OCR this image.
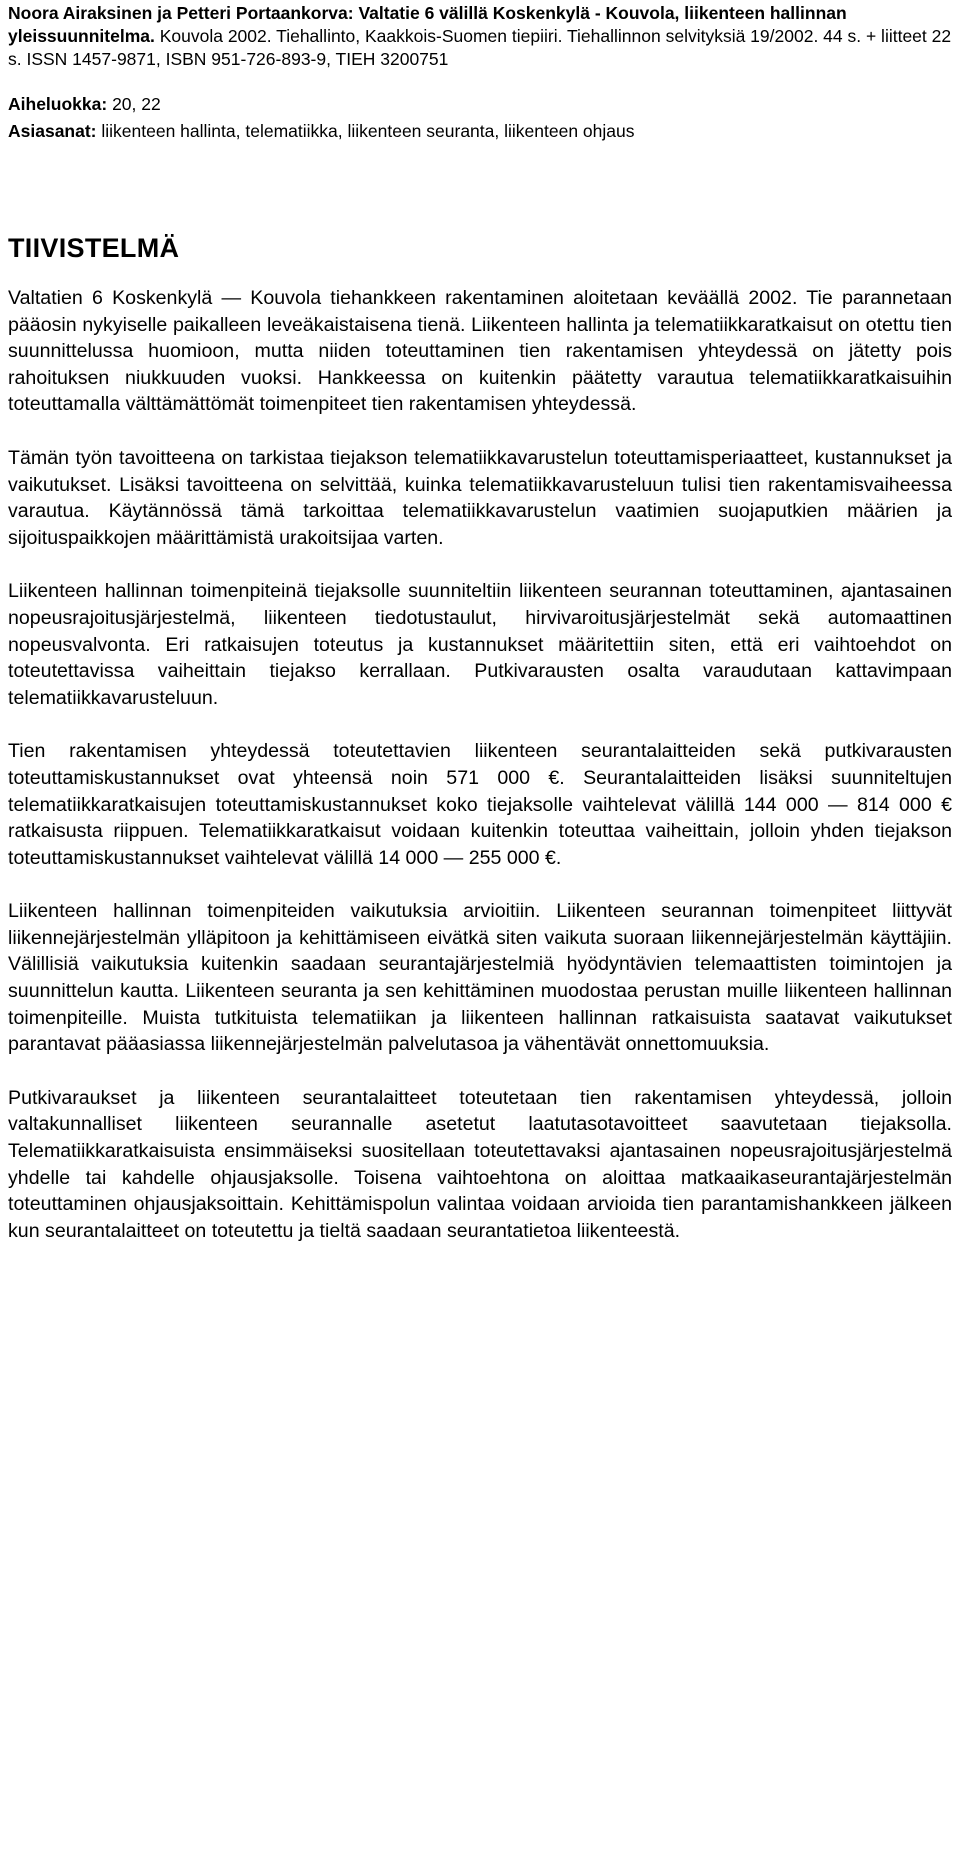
Noora Airaksinen ja Petteri Portaankorva: Valtatie 6 välillä Koskenkylä - Kouvola, liikenteen hallinnan yleissuunnitelma. Kouvola 2002. Tiehallinto, Kaakkois-Suomen tiepiiri. Tiehallinnon selvityksiä 19/2002. 44 s. + liitteet 22 s. ISSN 1457-9871, ISBN 951-726-893-9, TIEH 3200751
Aiheluokka: 20, 22
Asiasanat: liikenteen hallinta, telematiikka, liikenteen seuranta, liikenteen ohjaus
TIIVISTELMÄ

Valtatien 6 Koskenkylä — Kouvola tiehankkeen rakentaminen aloitetaan keväällä 2002. Tie parannetaan pääosin nykyiselle paikalleen leveäkaistaisena tienä. Liikenteen hallinta ja telematiikkaratkaisut on otettu tien suunnittelussa huomioon, mutta niiden toteuttaminen tien rakentamisen yhteydessä on jätetty pois rahoituksen niukkuuden vuoksi. Hankkeessa on kuitenkin päätetty varautua telematiikkaratkaisuihin toteuttamalla välttämättömät toimenpiteet tien rakentamisen yhteydessä.

Tämän työn tavoitteena on tarkistaa tiejakson telematiikkavarustelun toteuttamisperiaatteet, kustannukset ja vaikutukset. Lisäksi tavoitteena on selvittää, kuinka telematiikkavarusteluun tulisi tien rakentamisvaiheessa varautua. Käytännössä tämä tarkoittaa telematiikkavarustelun vaatimien suojaputkien määrien ja sijoituspaikkojen määrittämistä urakoitsijaa varten.

Liikenteen hallinnan toimenpiteinä tiejaksolle suunniteltiin liikenteen seurannan toteuttaminen, ajantasainen nopeusrajoitusjärjestelmä, liikenteen tiedotustaulut, hirvivaroitusjärjestelmät sekä automaattinen nopeusvalvonta. Eri ratkaisujen toteutus ja kustannukset määritettiin siten, että eri vaihtoehdot on toteutettavissa vaiheittain tiejakso kerrallaan. Putkivarausten osalta varaudutaan kattavimpaan telematiikkavarusteluun.

Tien rakentamisen yhteydessä toteutettavien liikenteen seurantalaitteiden sekä putkivarausten toteuttamiskustannukset ovat yhteensä noin 571 000 €. Seurantalaitteiden lisäksi suunniteltujen telematiikkaratkaisujen toteuttamiskustannukset koko tiejaksolle vaihtelevat välillä 144 000 — 814 000 € ratkaisusta riippuen. Telematiikkaratkaisut voidaan kuitenkin toteuttaa vaiheittain, jolloin yhden tiejakson toteuttamiskustannukset vaihtelevat välillä 14 000 — 255 000 €.

Liikenteen hallinnan toimenpiteiden vaikutuksia arvioitiin. Liikenteen seurannan toimenpiteet liittyvät liikennejärjestelmän ylläpitoon ja kehittämiseen eivätkä siten vaikuta suoraan liikennejärjestelmän käyttäjiin. Välillisiä vaikutuksia kuitenkin saadaan seurantajärjestelmiä hyödyntävien telemaattisten toimintojen ja suunnittelun kautta. Liikenteen seuranta ja sen kehittäminen muodostaa perustan muille liikenteen hallinnan toimenpiteille. Muista tutkituista telematiikan ja liikenteen hallinnan ratkaisuista saatavat vaikutukset parantavat pääasiassa liikennejärjestelmän palvelutasoa ja vähentävät onnettomuuksia.

Putkivaraukset ja liikenteen seurantalaitteet toteutetaan tien rakentamisen yhteydessä, jolloin valtakunnalliset liikenteen seurannalle asetetut laatutasotavoitteet saavutetaan tiejaksolla. Telematiikkaratkaisuista ensimmäiseksi suositellaan toteutettavaksi ajantasainen nopeusrajoitusjärjestelmä yhdelle tai kahdelle ohjausjaksolle. Toisena vaihtoehtona on aloittaa matkaaikaseurantajärjestelmän toteuttaminen ohjausjaksoittain. Kehittämispolun valintaa voidaan arvioida tien parantamishankkeen jälkeen kun seurantalaitteet on toteutettu ja tieltä saadaan seurantatietoa liikenteestä.
